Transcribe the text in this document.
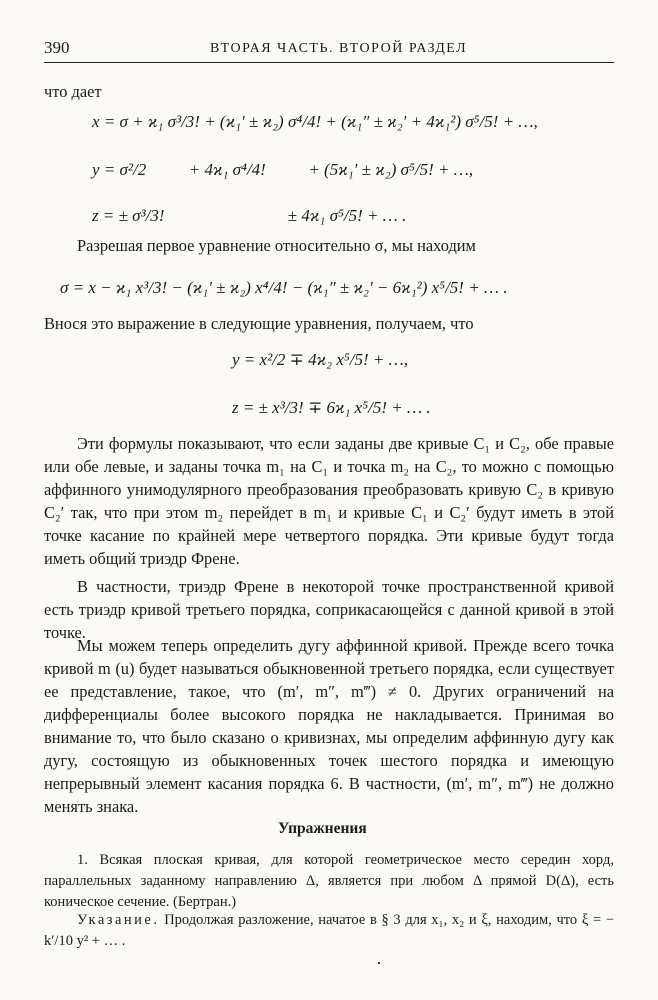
390	ВТОРАЯ ЧАСТЬ. ВТОРОЙ РАЗДЕЛ
что дает
x = σ + ϰ₁ σ³/3! + (ϰ₁′ ± ϰ₂) σ⁴/4! + (ϰ₁″ ± ϰ₂′ + 4ϰ₁²) σ⁵/5! + …,
y = σ²/2          + 4ϰ₁ σ⁴/4!          + (5ϰ₁′ ± ϰ₂) σ⁵/5! + …,
z = ± σ³/3!                             ± 4ϰ₁ σ⁵/5! + … .
Разрешая первое уравнение относительно σ, мы находим
σ = x − ϰ₁ x³/3! − (ϰ₁′ ± ϰ₂) x⁴/4! − (ϰ₁″ ± ϰ₂′ − 6ϰ₁²) x⁵/5! + … .
Внося это выражение в следующие уравнения, получаем, что
y = x²/2 ∓ 4ϰ₂ x⁵/5! + …,
z = ± x³/3! ∓ 6ϰ₁ x⁵/5! + … .
Эти формулы показывают, что если заданы две кривые C₁ и C₂, обе правые или обе левые, и заданы точка m₁ на C₁ и точка m₂ на C₂, то можно с помощью аффинного унимодулярного преобразования преобразовать кривую C₂ в кривую C₂′ так, что при этом m₂ перейдет в m₁ и кривые C₁ и C₂′ будут иметь в этой точке касание по крайней мере четвертого порядка. Эти кривые будут тогда иметь общий триэдр Френе.
В частности, триэдр Френе в некоторой точке пространственной кривой есть триэдр кривой третьего порядка, соприкасающейся с данной кривой в этой точке.
Мы можем теперь определить дугу аффинной кривой. Прежде всего точка кривой m (u) будет называться обыкновенной третьего порядка, если существует ее представление, такое, что (m′, m″, m‴) ≠ 0. Других ограничений на дифференциалы более высокого порядка не накладывается. Принимая во внимание то, что было сказано о кривизнах, мы определим аффинную дугу как дугу, состоящую из обыкновенных точек шестого порядка и имеющую непрерывный элемент касания порядка 6. В частности, (m′, m″, m‴) не должно менять знака.
Упражнения
1. Всякая плоская кривая, для которой геометрическое место середин хорд, параллельных заданному направлению Δ, является при любом Δ прямой D(Δ), есть коническое сечение. (Бертран.)
Указание. Продолжая разложение, начатое в § 3 для x₁, x₂ и ξ, находим, что ξ = − k′/10 y² + … .
